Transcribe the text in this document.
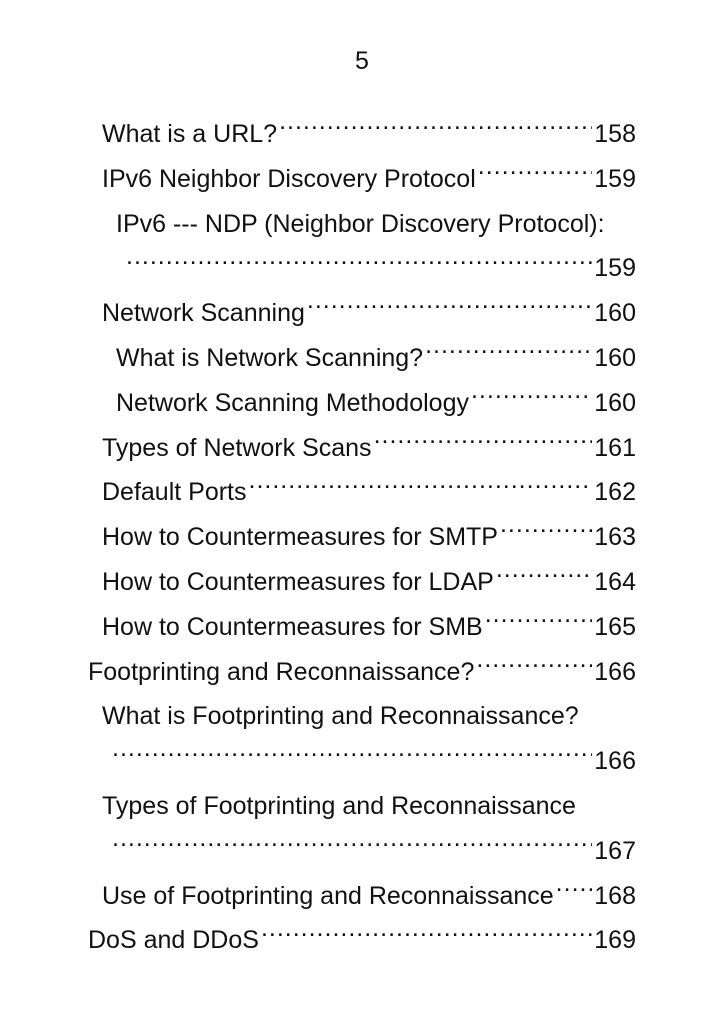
5
What is a URL? .....	158
IPv6 Neighbor Discovery Protocol .....	159
IPv6 --- NDP (Neighbor Discovery Protocol):
.....
159
Network Scanning .....	160
What is Network Scanning? .....	160
Network Scanning Methodology .....	160
Types of Network Scans .....	161
Default Ports .....	162
How to Countermeasures for SMTP .....	163
How to Countermeasures for LDAP .....	164
How to Countermeasures for SMB .....	165
Footprinting and Reconnaissance? .....	166
What is Footprinting and Reconnaissance?
.....
166
Types of Footprinting and Reconnaissance
.....
167
Use of Footprinting and Reconnaissance ..... 168
DoS and DDoS .....	169
